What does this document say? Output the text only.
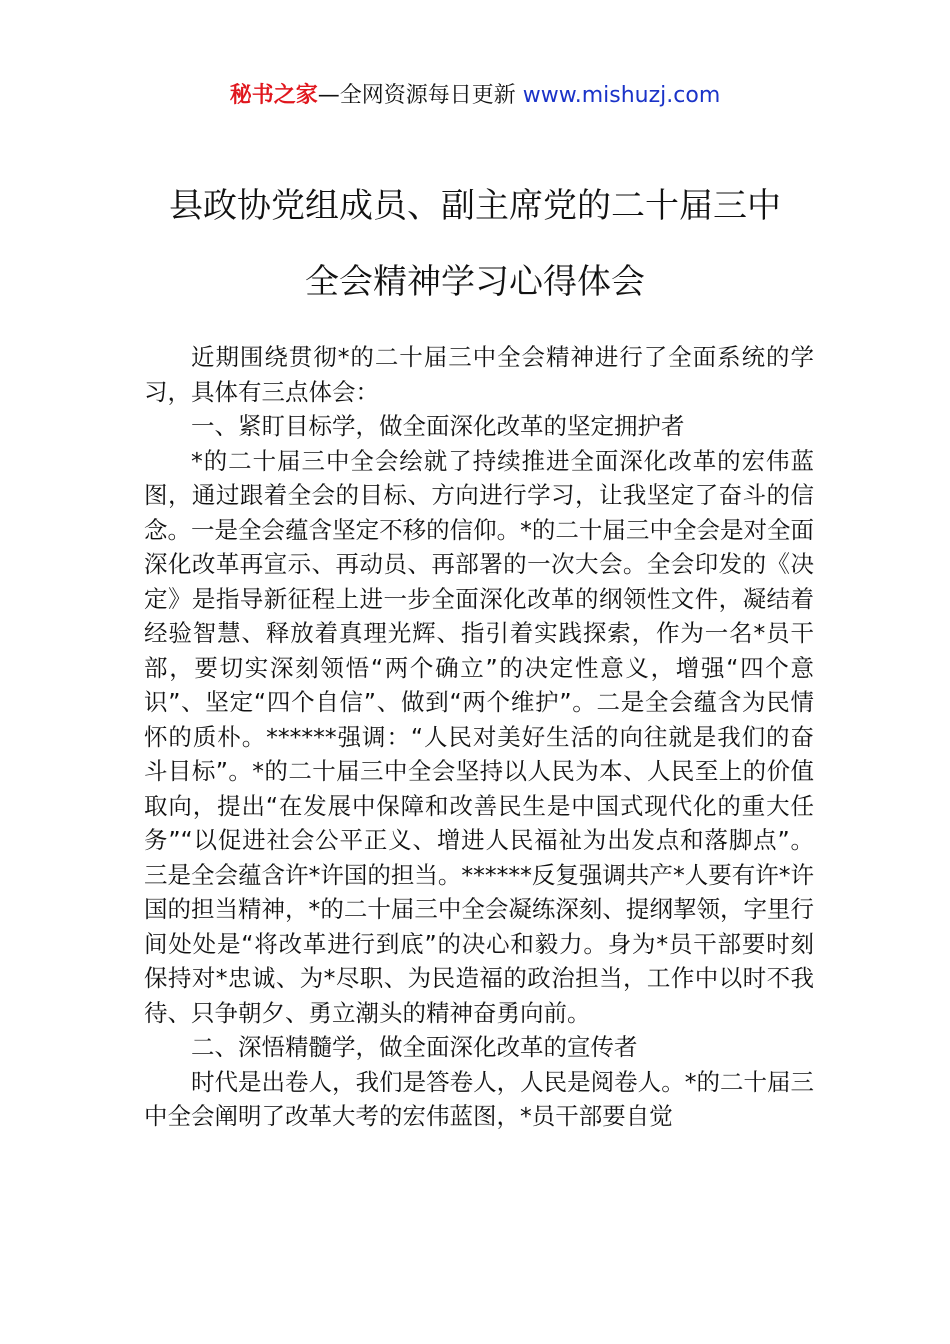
秘书之家—全网资源每日更新 www.mishuzj.com
县政协党组成员、副主席党的二十届三中
全会精神学习心得体会

近期围绕贯彻*的二十届三中全会精神进行了全面系统的学习，具体有三点体会：

一、紧盯目标学，做全面深化改革的坚定拥护者

*的二十届三中全会绘就了持续推进全面深化改革的宏伟蓝图，通过跟着全会的目标、方向进行学习，让我坚定了奋斗的信念。一是全会蕴含坚定不移的信仰。*的二十届三中全会是对全面深化改革再宣示、再动员、再部署的一次大会。全会印发的《决定》是指导新征程上进一步全面深化改革的纲领性文件，凝结着经验智慧、释放着真理光辉、指引着实践探索，作为一名*员干部，要切实深刻领悟“两个确立”的决定性意义，增强“四个意识”、坚定“四个自信”、做到“两个维护”。二是全会蕴含为民情怀的质朴。******强调：“人民对美好生活的向往就是我们的奋斗目标”。*的二十届三中全会坚持以人民为本、人民至上的价值取向，提出“在发展中保障和改善民生是中国式现代化的重大任务”“以促进社会公平正义、增进人民福祉为出发点和落脚点”。三是全会蕴含许*许国的担当。******反复强调共产*人要有许*许国的担当精神，*的二十届三中全会凝练深刻、提纲挈领，字里行间处处是“将改革进行到底”的决心和毅力。身为*员干部要时刻保持对*忠诚、为*尽职、为民造福的政治担当，工作中以时不我待、只争朝夕、勇立潮头的精神奋勇向前。

二、深悟精髓学，做全面深化改革的宣传者

时代是出卷人，我们是答卷人，人民是阅卷人。*的二十届三中全会阐明了改革大考的宏伟蓝图，*员干部要自觉
